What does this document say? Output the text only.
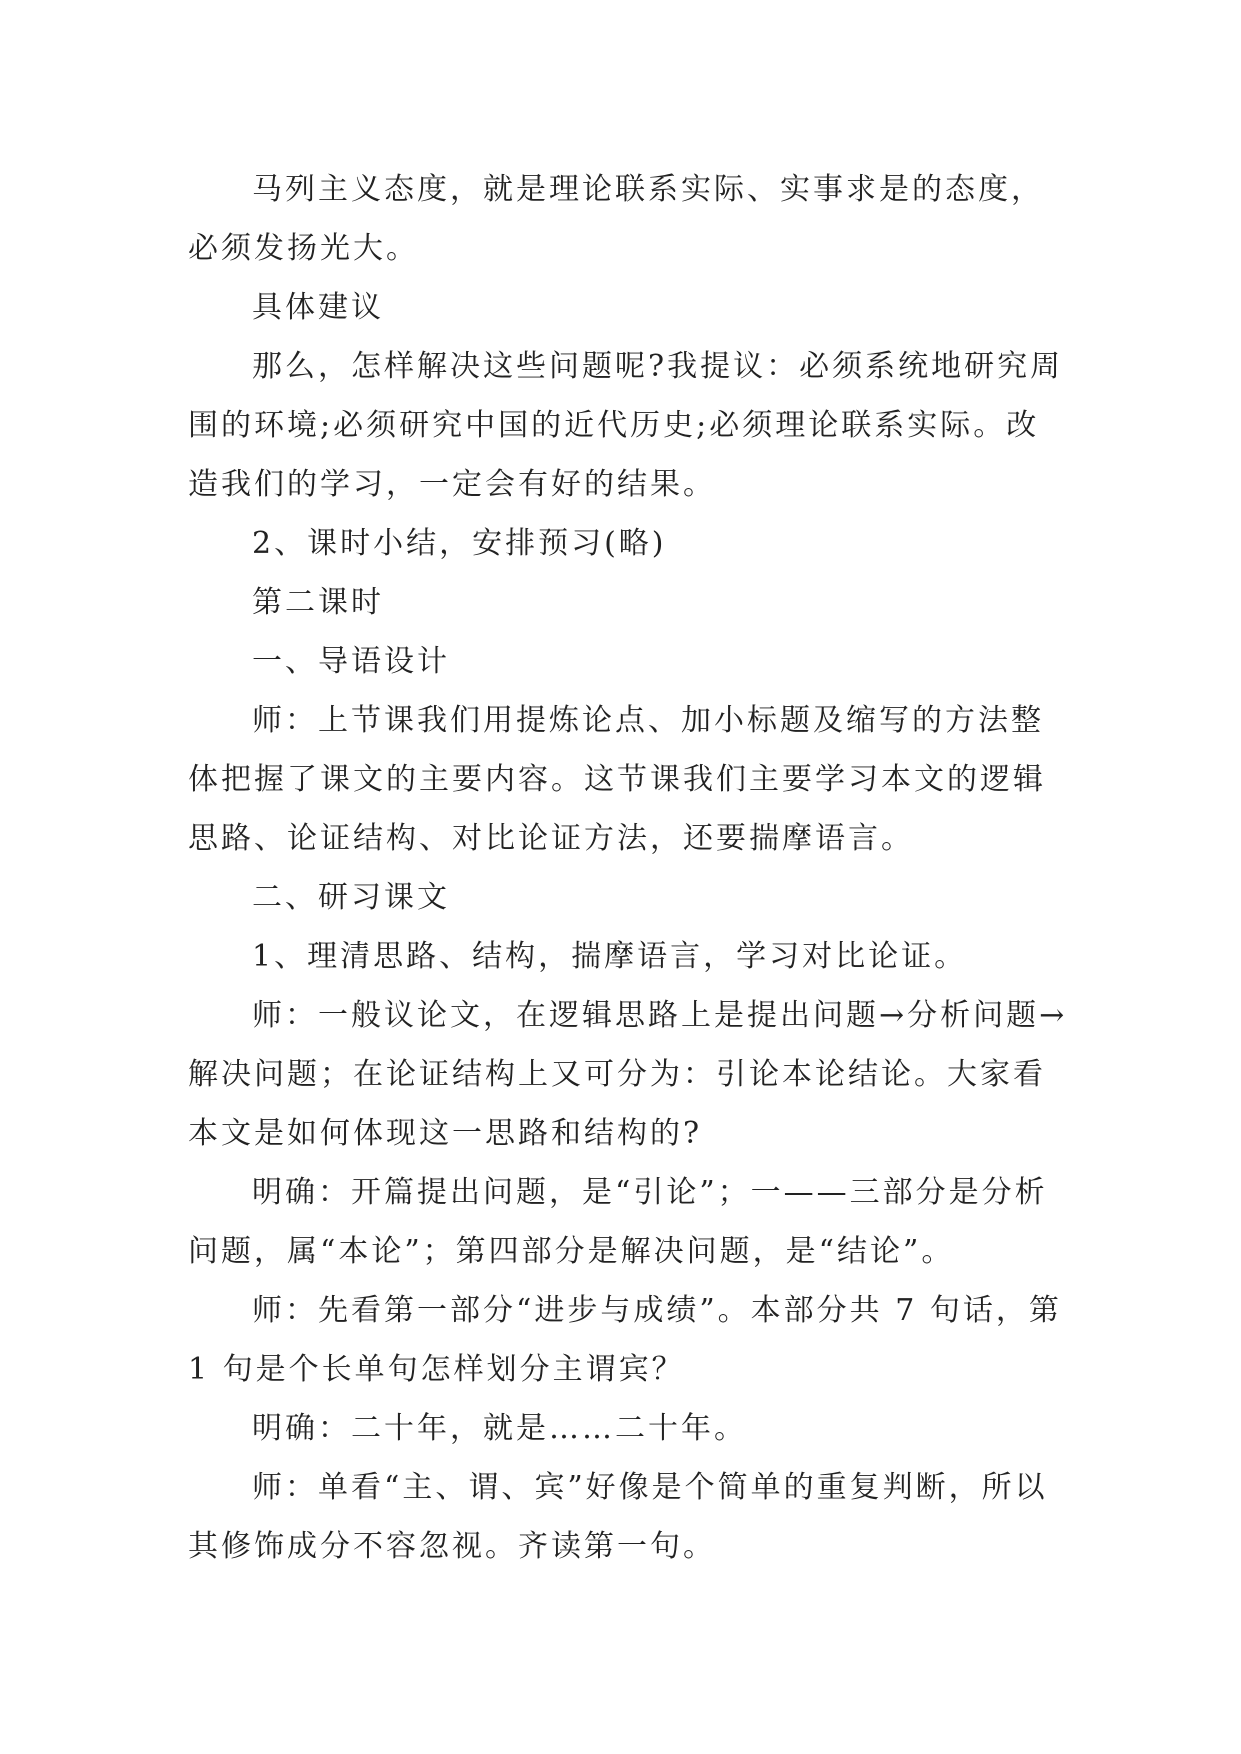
马列主义态度，就是理论联系实际、实事求是的态度，必须发扬光大。

具体建议

那么，怎样解决这些问题呢?我提议：必须系统地研究周围的环境;必须研究中国的近代历史;必须理论联系实际。改造我们的学习，一定会有好的结果。

2、课时小结，安排预习(略)

第二课时

一、导语设计

师：上节课我们用提炼论点、加小标题及缩写的方法整体把握了课文的主要内容。这节课我们主要学习本文的逻辑思路、论证结构、对比论证方法，还要揣摩语言。

二、研习课文

1、理清思路、结构，揣摩语言，学习对比论证。

师：一般议论文，在逻辑思路上是提出问题→分析问题→解决问题；在论证结构上又可分为：引论本论结论。大家看本文是如何体现这一思路和结构的?

明确：开篇提出问题，是“引论”；一——三部分是分析问题，属“本论”；第四部分是解决问题，是“结论”。

师：先看第一部分“进步与成绩”。本部分共 7 句话，第 1 句是个长单句怎样划分主谓宾？

明确：二十年，就是……二十年。

师：单看“主、谓、宾”好像是个简单的重复判断，所以其修饰成分不容忽视。齐读第一句。
